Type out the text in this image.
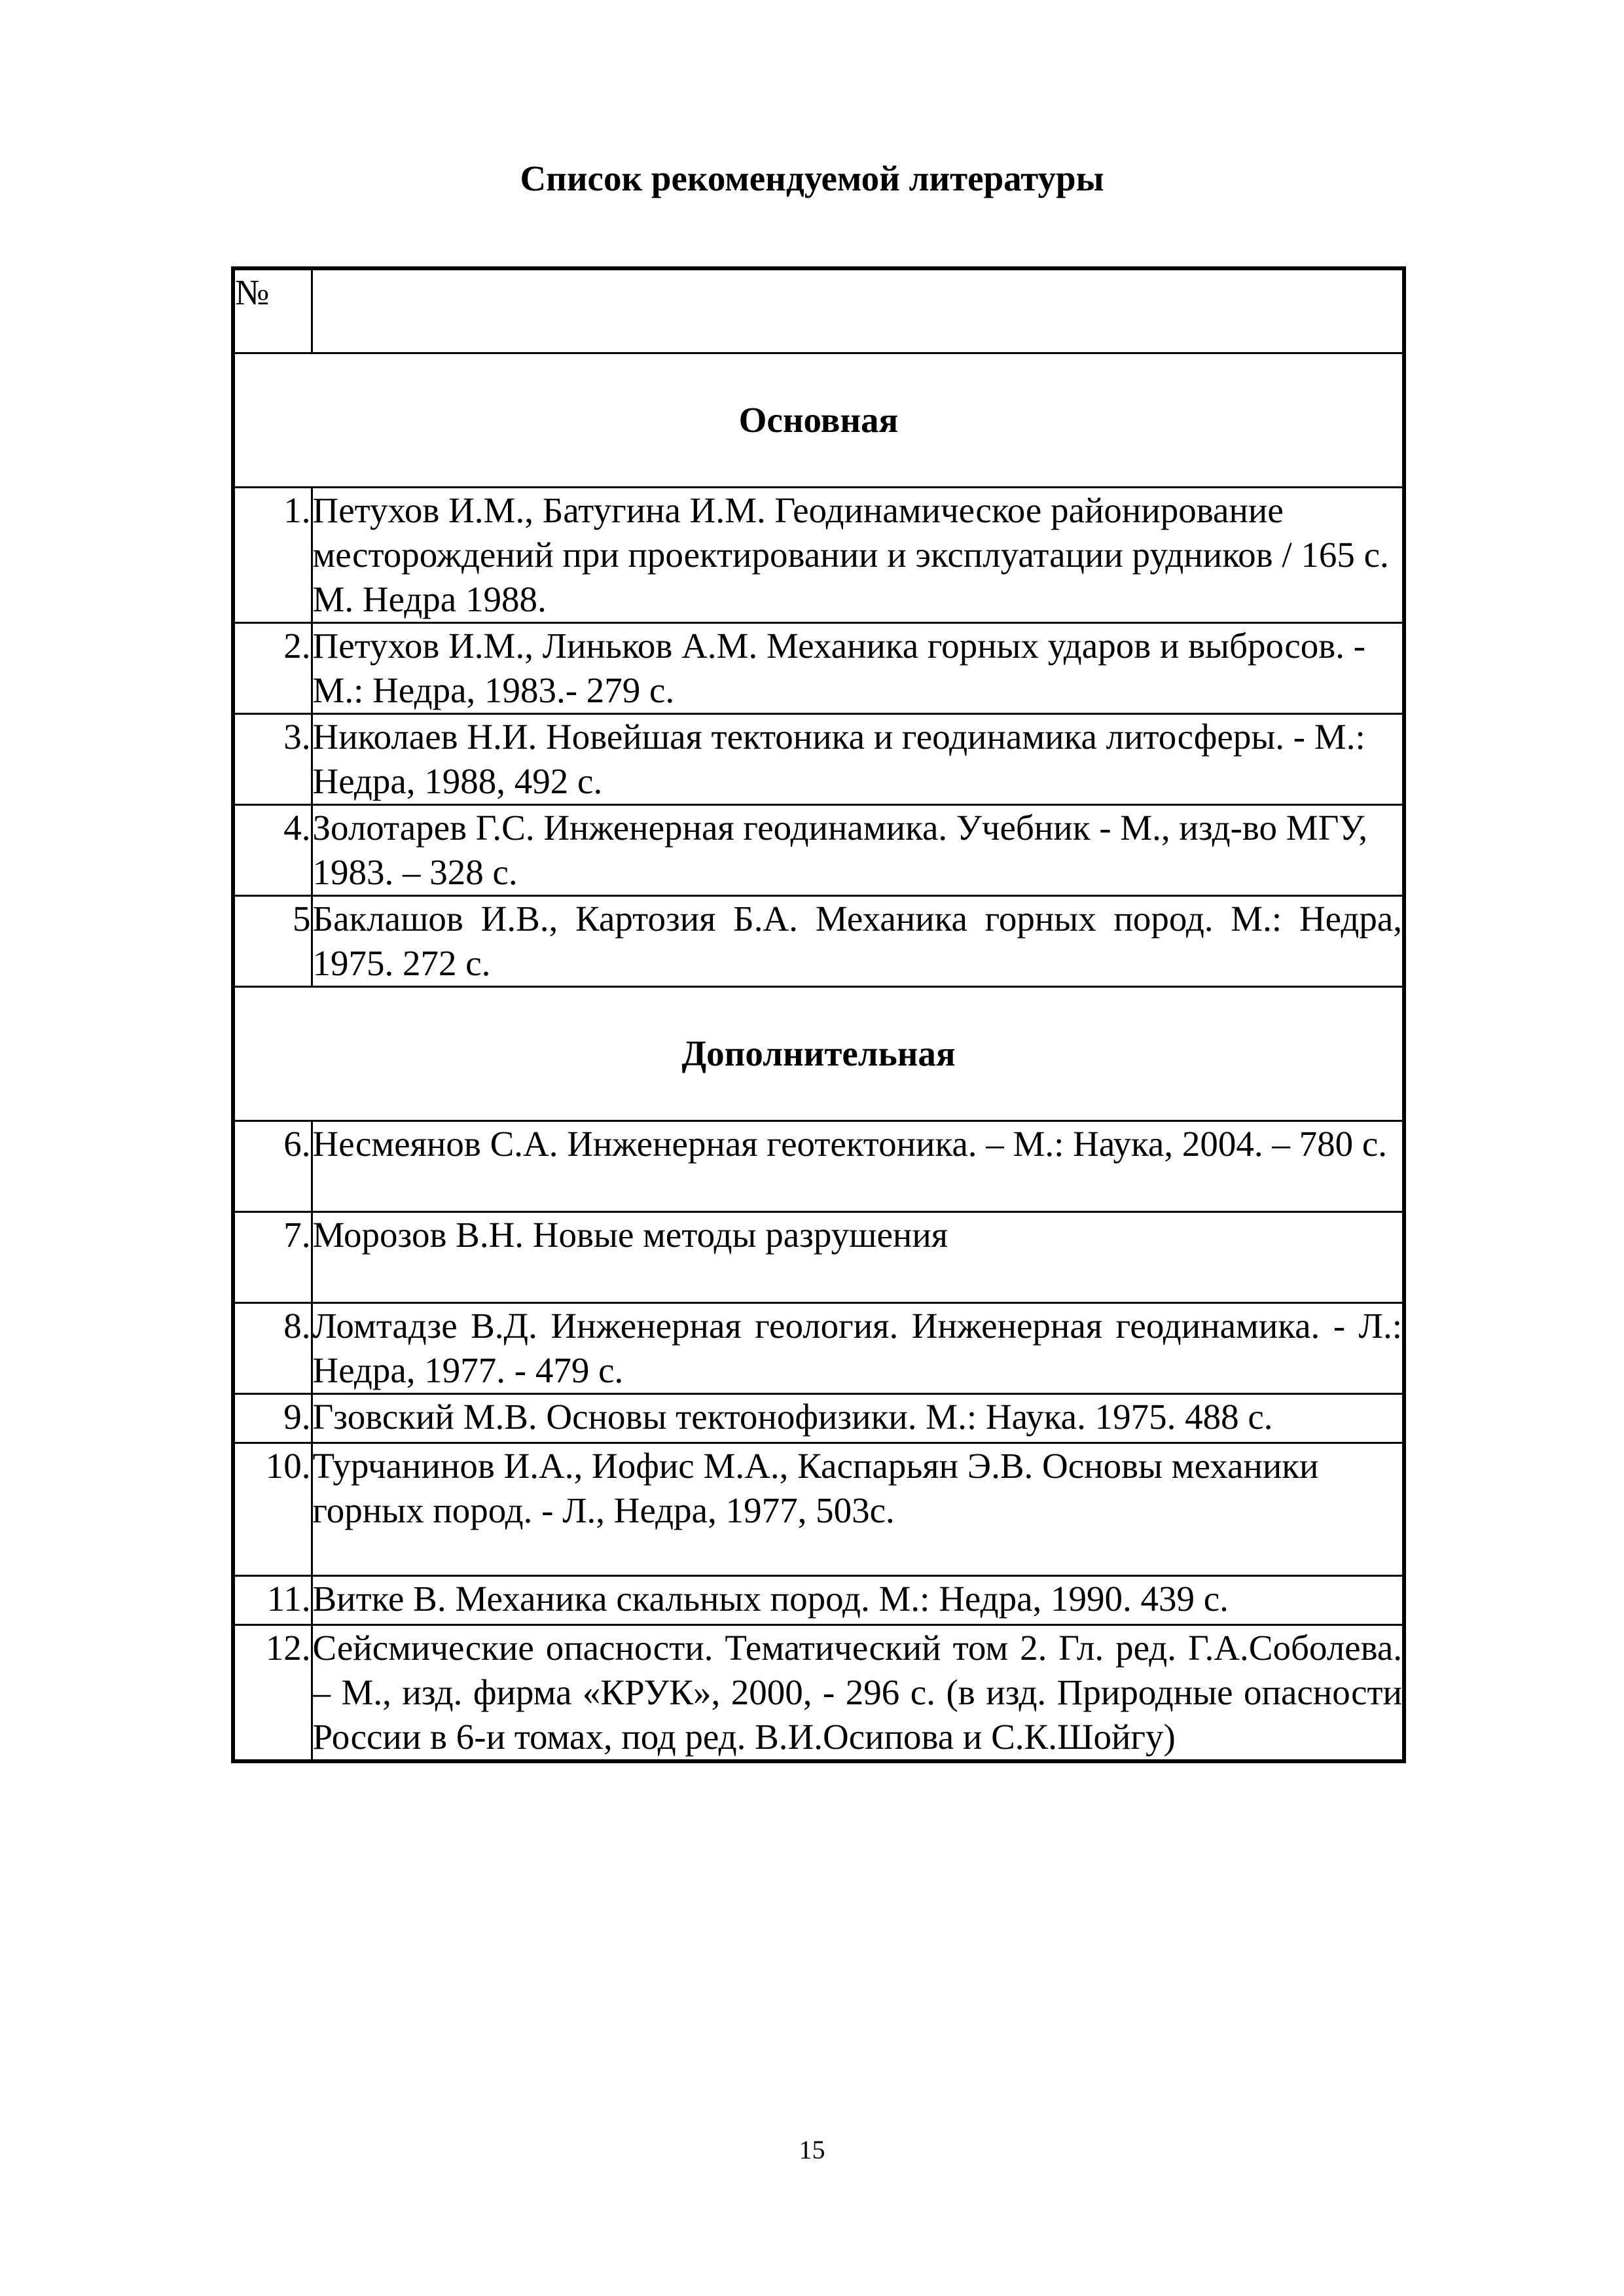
Список рекомендуемой литературы
№	
Основная	
1.	Петухов И.М., Батугина И.М. Геодинамическое районирование месторождений при проектировании и эксплуатации рудников / 165 с. М. Недра 1988.
2.	Петухов И.М., Линьков А.М. Механика горных ударов и выбросов. - М.: Недра, 1983.- 279 с.
3.	Николаев Н.И. Новейшая тектоника и геодинамика литосферы. - М.: Недра, 1988, 492 с.
4.	Золотарев Г.С. Инженерная геодинамика. Учебник - М., изд-во МГУ, 1983. – 328 с.
5	Баклашов И.В., Картозия Б.А. Механика горных пород. М.: Недра, 1975. 272 с.
Дополнительная	
6.	Несмеянов С.А. Инженерная геотектоника. – М.: Наука, 2004. – 780 с.
7.	Морозов В.Н. Новые методы разрушения
8.	Ломтадзе В.Д. Инженерная геология. Инженерная геодинамика. - Л.: Недра, 1977. - 479 с.
9.	Гзовский М.В. Основы тектонофизики. М.: Наука. 1975. 488 с.
10.	Турчанинов И.А., Иофис М.А., Каспарьян Э.В. Основы механики горных пород. - Л., Недра, 1977, 503с.
11.	Витке В. Механика скальных пород. М.: Недра, 1990. 439 с.
12.	Сейсмические опасности. Тематический том 2. Гл. ред. Г.А.Соболева. – М., изд. фирма «КРУК», 2000, - 296 с. (в изд. Природные опасности России в 6-и томах, под ред. В.И.Осипова и С.К.Шойгу)
15
